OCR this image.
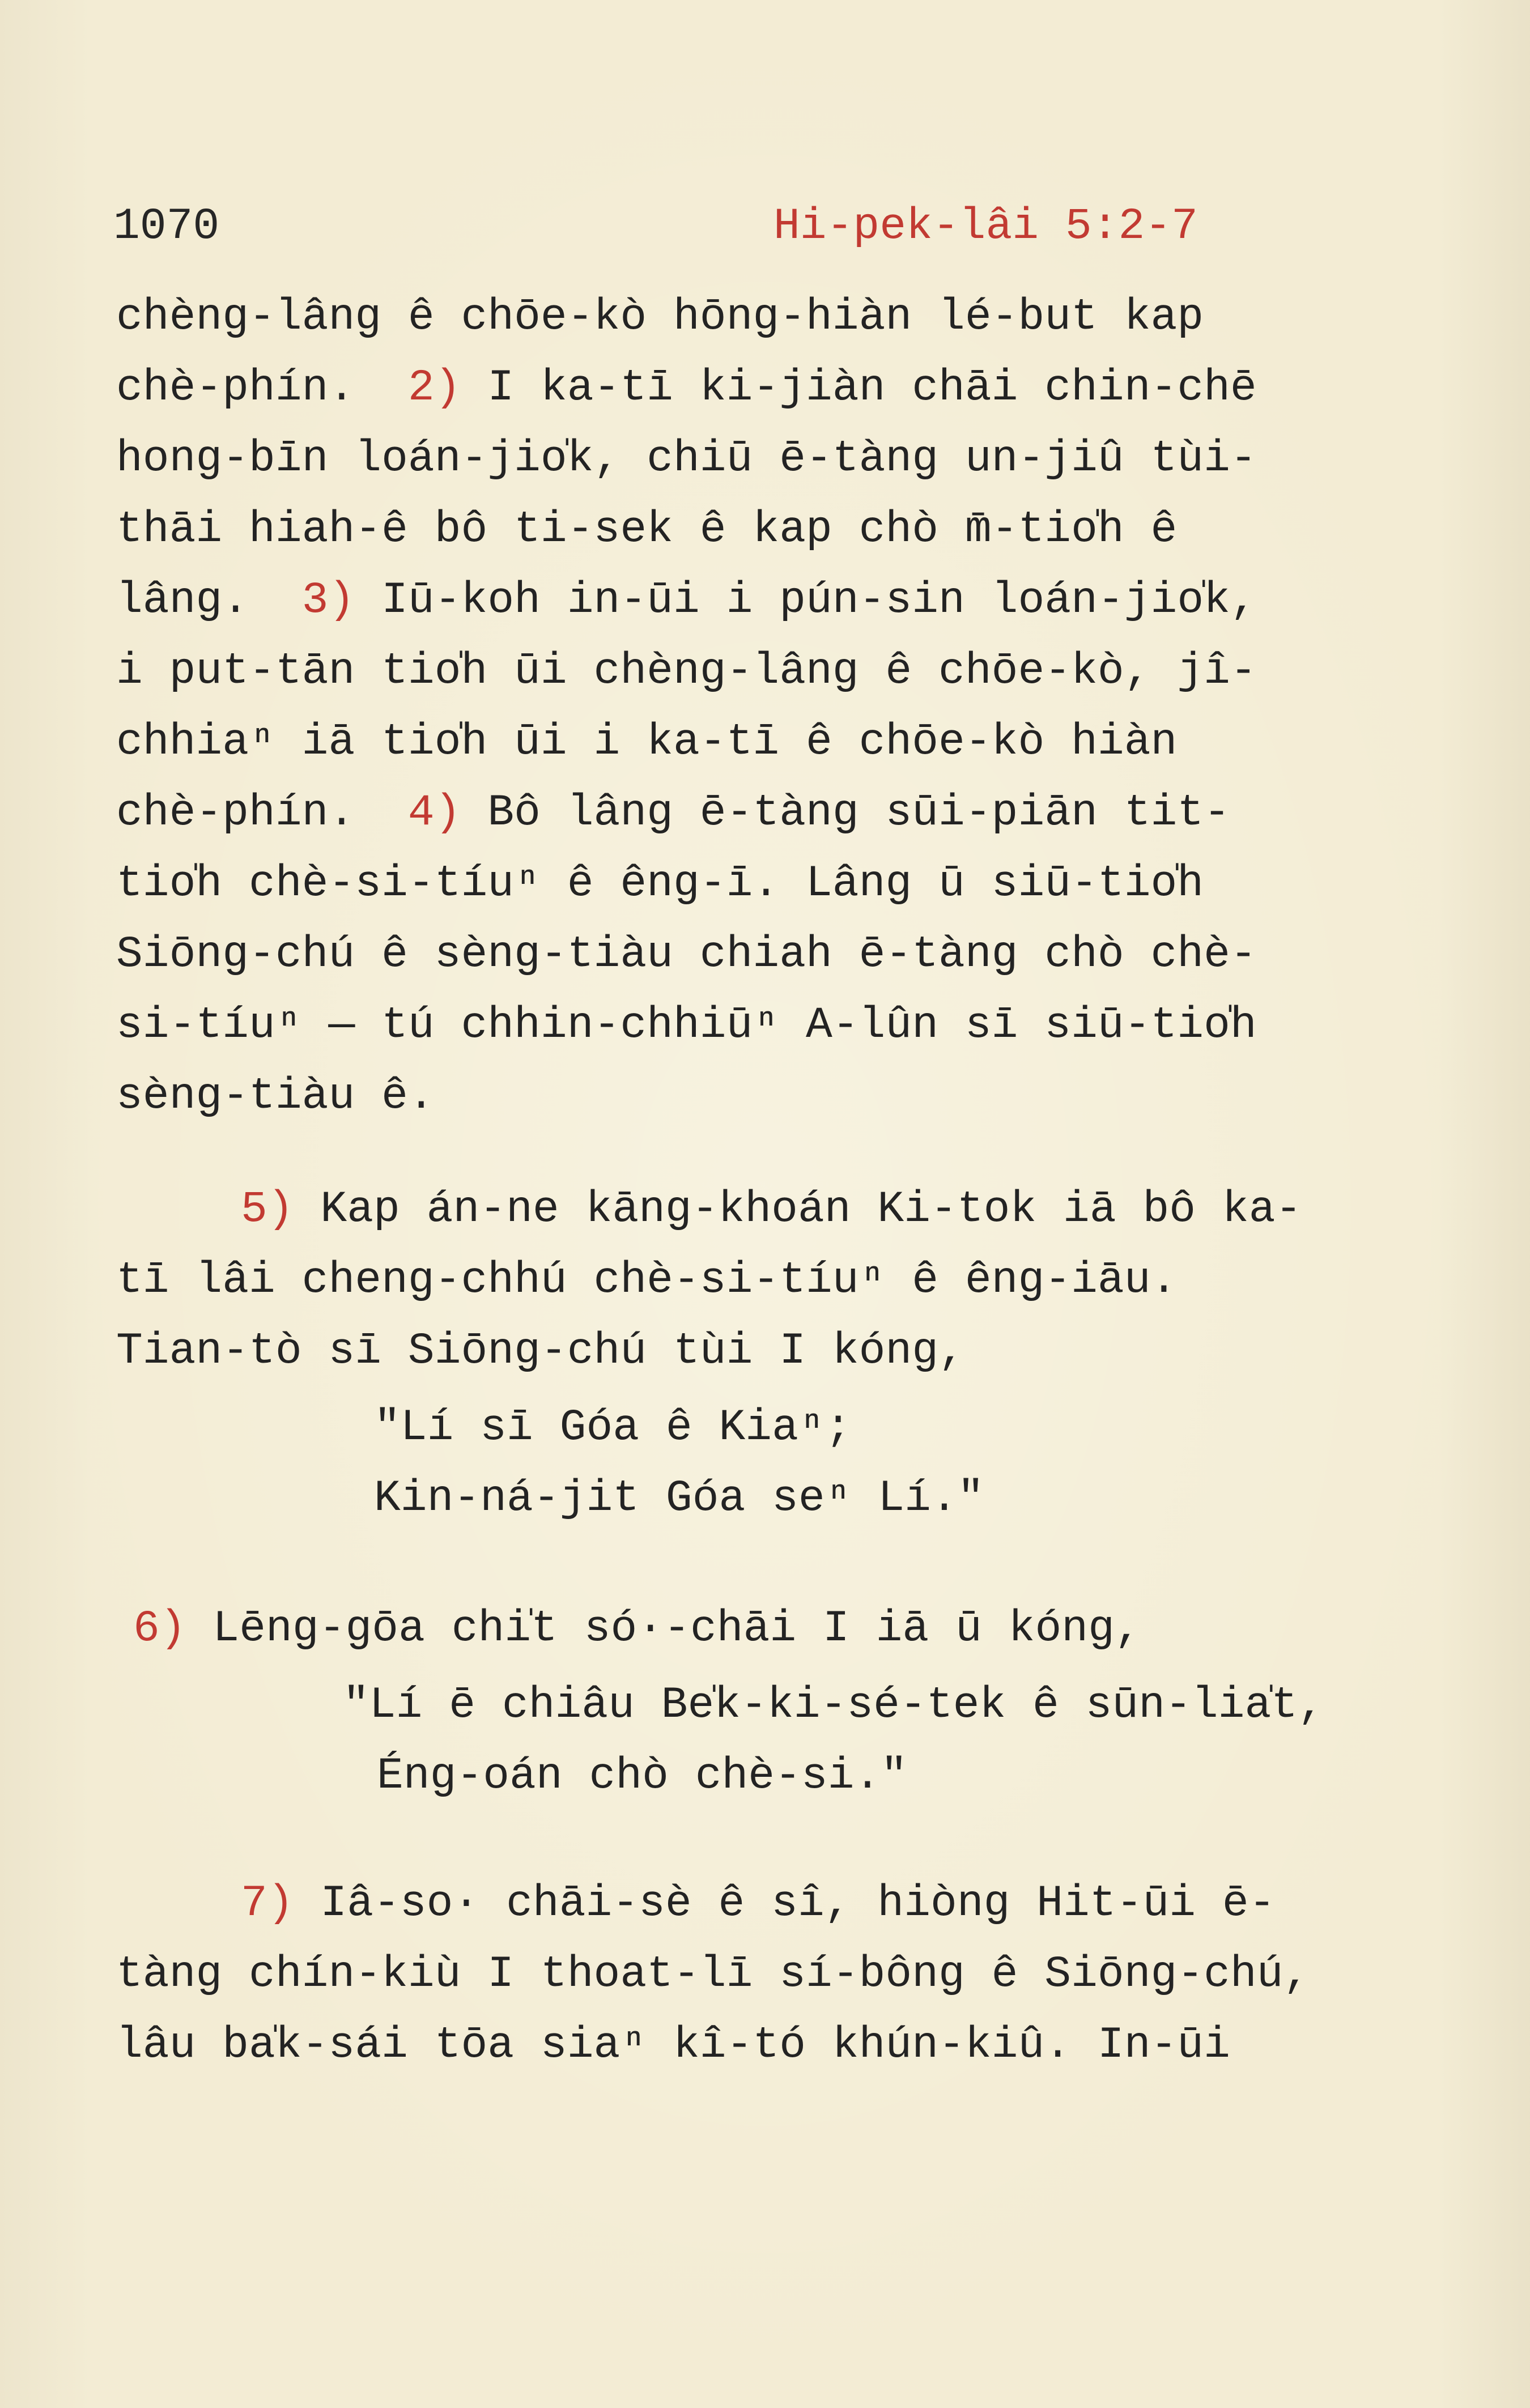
1070	Hi-pek-lâi 5:2-7
chèng-lâng ê chōe-kò hōng-hiàn lé-but kap
chè-phín.  2) I ka-tī ki-jiàn chāi chin-chē
hong-bīn loán-jio̍k, chiū ē-tàng un-jiû tùi-
thāi hiah-ê bô ti-sek ê kap chò m̄-tio̍h ê
lâng.  3) Iū-koh in-ūi i pún-sin loán-jio̍k,
i put-tān tio̍h ūi chèng-lâng ê chōe-kò, jî-
chhiaⁿ iā tio̍h ūi i ka-tī ê chōe-kò hiàn
chè-phín.  4) Bô lâng ē-tàng sūi-piān tit-
tio̍h chè-si-tíuⁿ ê êng-ī. Lâng ū siū-tio̍h
Siōng-chú ê sèng-tiàu chiah ē-tàng chò chè-
si-tíuⁿ — tú chhin-chhiūⁿ A-lûn sī siū-tio̍h
sèng-tiàu ê.
5) Kap án-ne kāng-khoán Ki-tok iā bô ka-
tī lâi cheng-chhú chè-si-tíuⁿ ê êng-iāu.
Tian-tò sī Siōng-chú tùi I kóng,
"Lí sī Góa ê Kiaⁿ;
Kin-ná-jit Góa seⁿ Lí."
6) Lēng-gōa chi̍t só·-chāi I iā ū kóng,
"Lí ē chiâu Be̍k-ki-sé-tek ê sūn-lia̍t,
Éng-oán chò chè-si."
7) Iâ-so· chāi-sè ê sî, hiòng Hit-ūi ē-
tàng chín-kiù I thoat-lī sí-bông ê Siōng-chú,
lâu ba̍k-sái tōa siaⁿ kî-tó khún-kiû. In-ūi
